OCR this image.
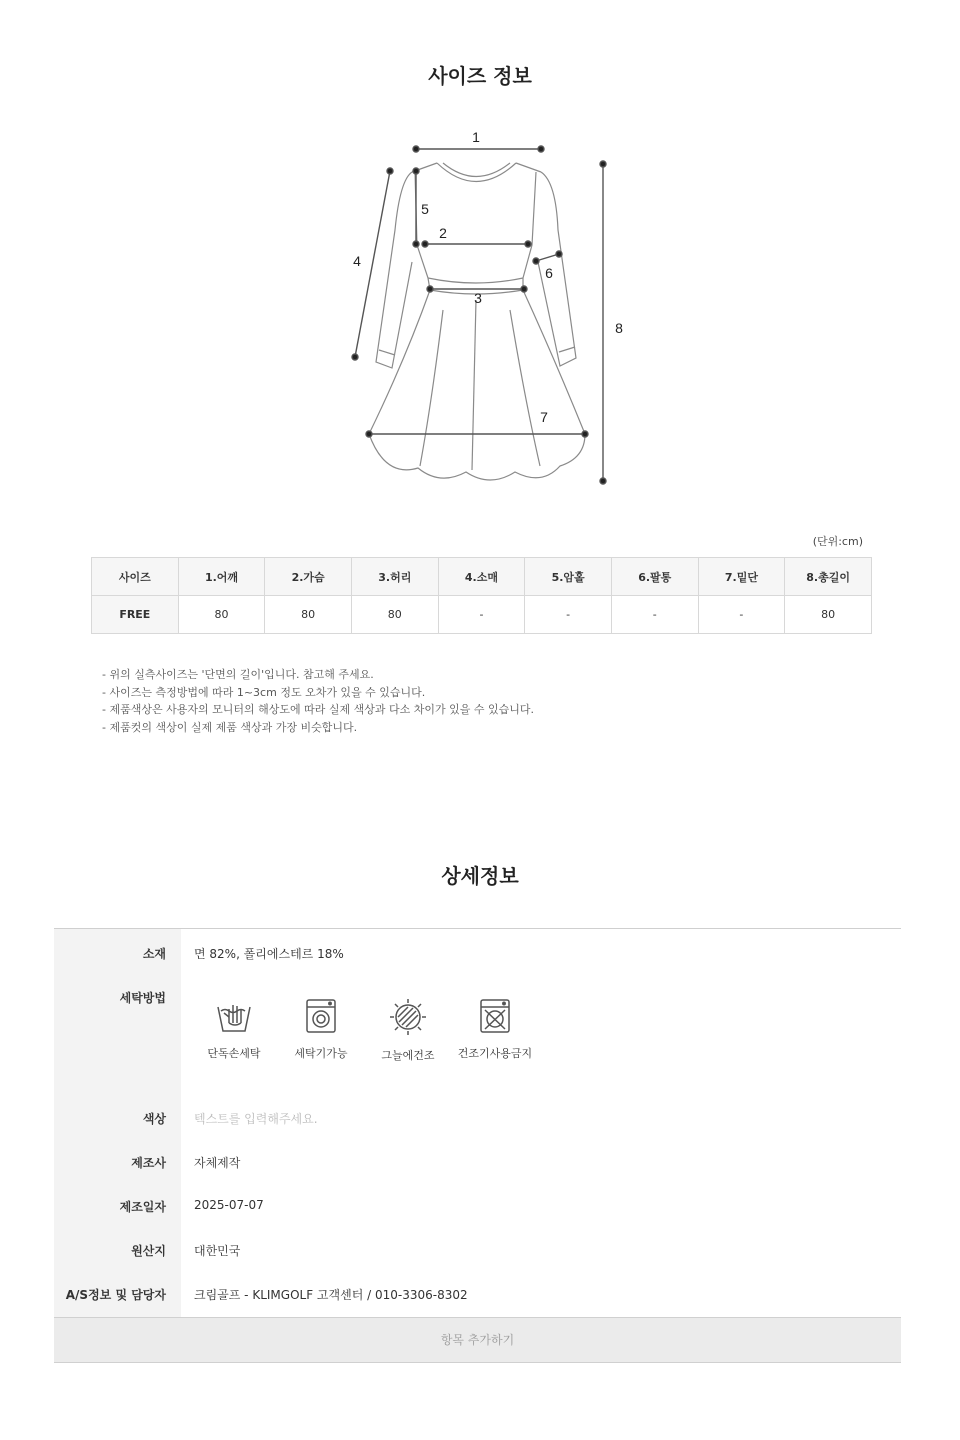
사이즈 정보
1
2
3
4
5
6
7
8
(단위:cm)
사이즈	1.어깨	2.가슴	3.허리	4.소매	5.암홀	6.팔통	7.밑단	8.총길이
FREE	80	80	80	-	-	-	-	80
- 위의 실측사이즈는 '단면의 길이'입니다. 참고해 주세요.
- 사이즈는 측정방법에 따라 1~3cm 정도 오차가 있을 수 있습니다.
- 제품색상은 사용자의 모니터의 해상도에 따라 실제 색상과 다소 차이가 있을 수 있습니다.
- 제품컷의 색상이 실제 제품 색상과 가장 비슷합니다.
상세정보
소재 면 82%, 폴리에스테르 18%
세탁방법
단독손세탁	세탁기가능	그늘에건조	건조기사용금지
색상 텍스트를 입력해주세요.
제조사 자체제작
제조일자 2025-07-07
원산지 대한민국
A/S정보 및 담당자 크림골프 - KLIMGOLF 고객센터 / 010-3306-8302
항목 추가하기
